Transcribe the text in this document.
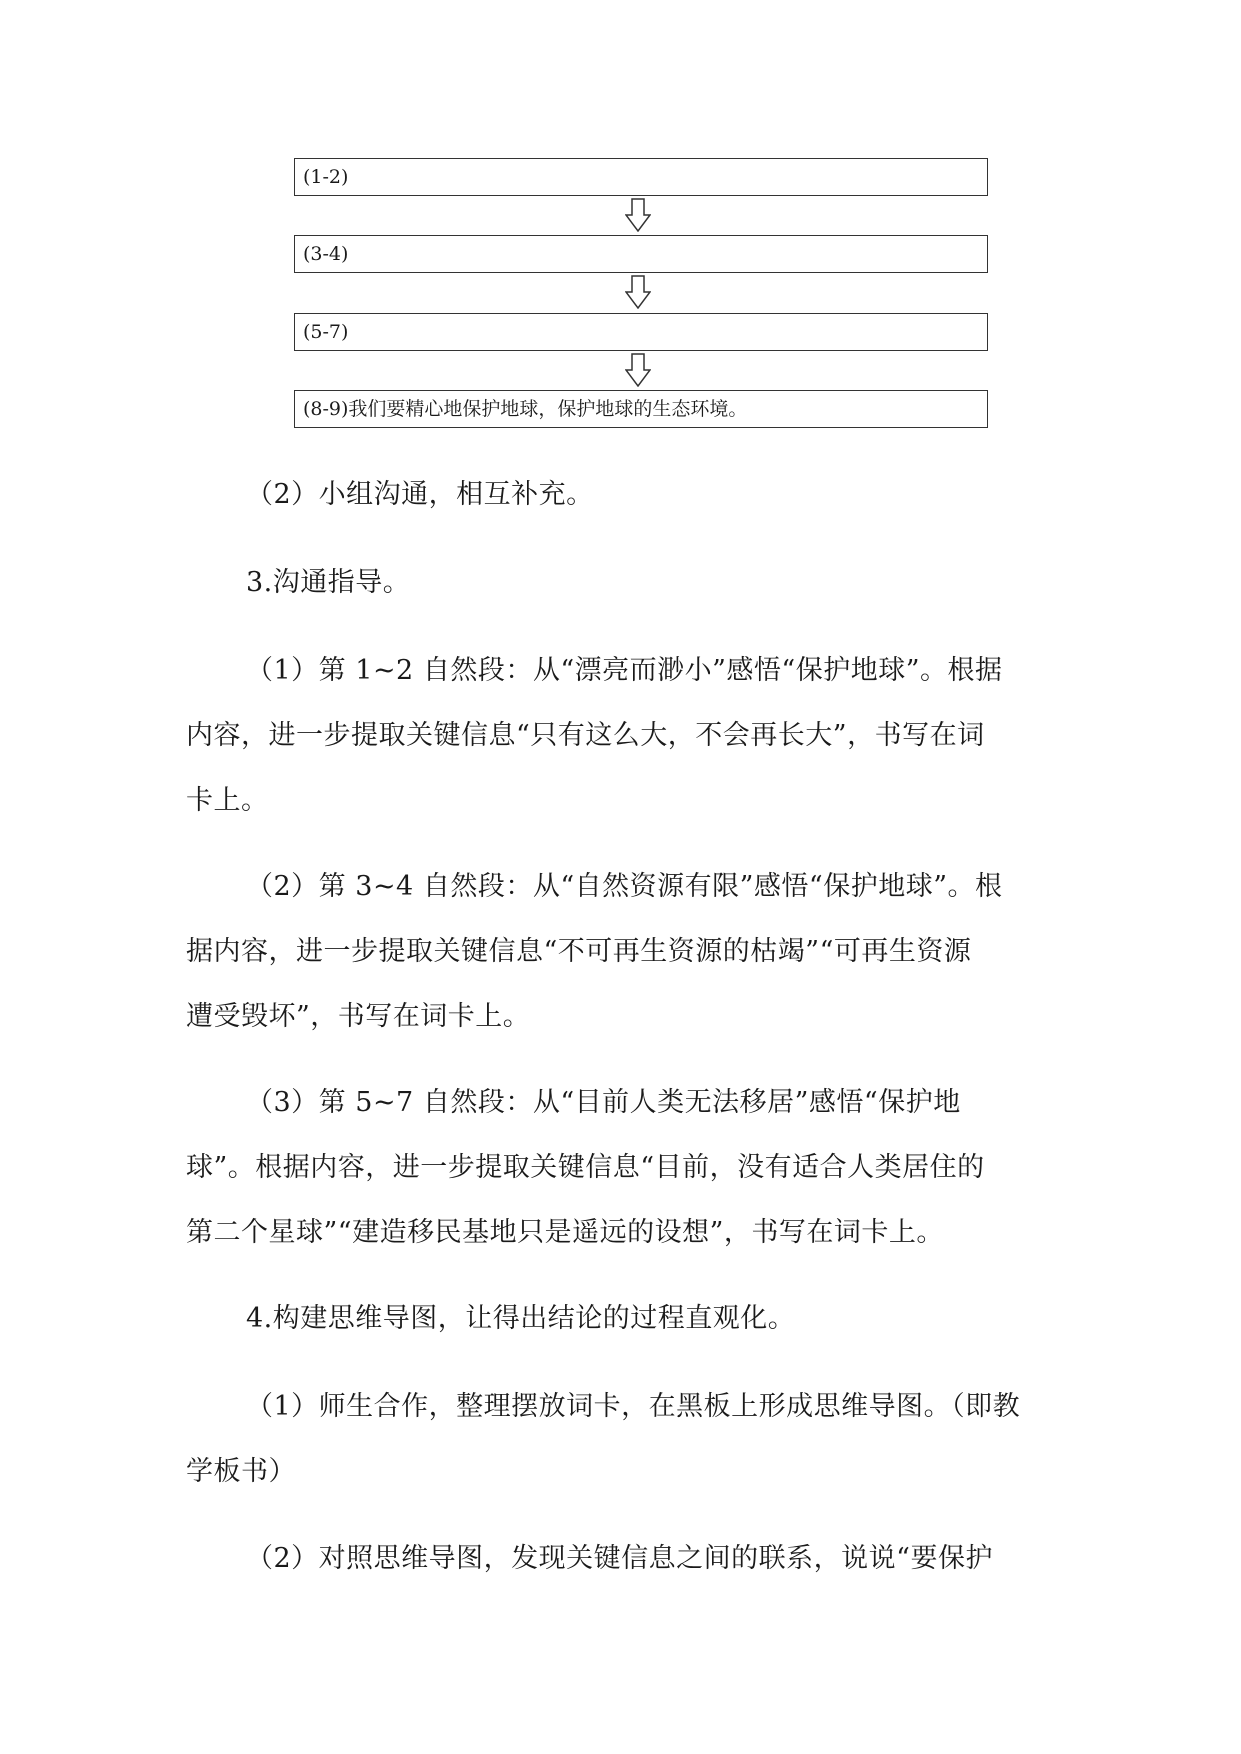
(1-2)
(3-4)
(5-7)
(8-9)我们要精心地保护地球，保护地球的生态环境。
（2）小组沟通，相互补充。
3.沟通指导。
（1）第 1~2 自然段：从“漂亮而渺小”感悟“保护地球”。根据
内容，进一步提取关键信息“只有这么大，不会再长大”，书写在词
卡上。
（2）第 3~4 自然段：从“自然资源有限”感悟“保护地球”。根
据内容，进一步提取关键信息“不可再生资源的枯竭”“可再生资源
遭受毁坏”，书写在词卡上。
（3）第 5~7 自然段：从“目前人类无法移居”感悟“保护地
球”。根据内容，进一步提取关键信息“目前，没有适合人类居住的
第二个星球”“建造移民基地只是遥远的设想”，书写在词卡上。
4.构建思维导图，让得出结论的过程直观化。
（1）师生合作，整理摆放词卡，在黑板上形成思维导图。（即教
学板书）
（2）对照思维导图，发现关键信息之间的联系，说说“要保护
